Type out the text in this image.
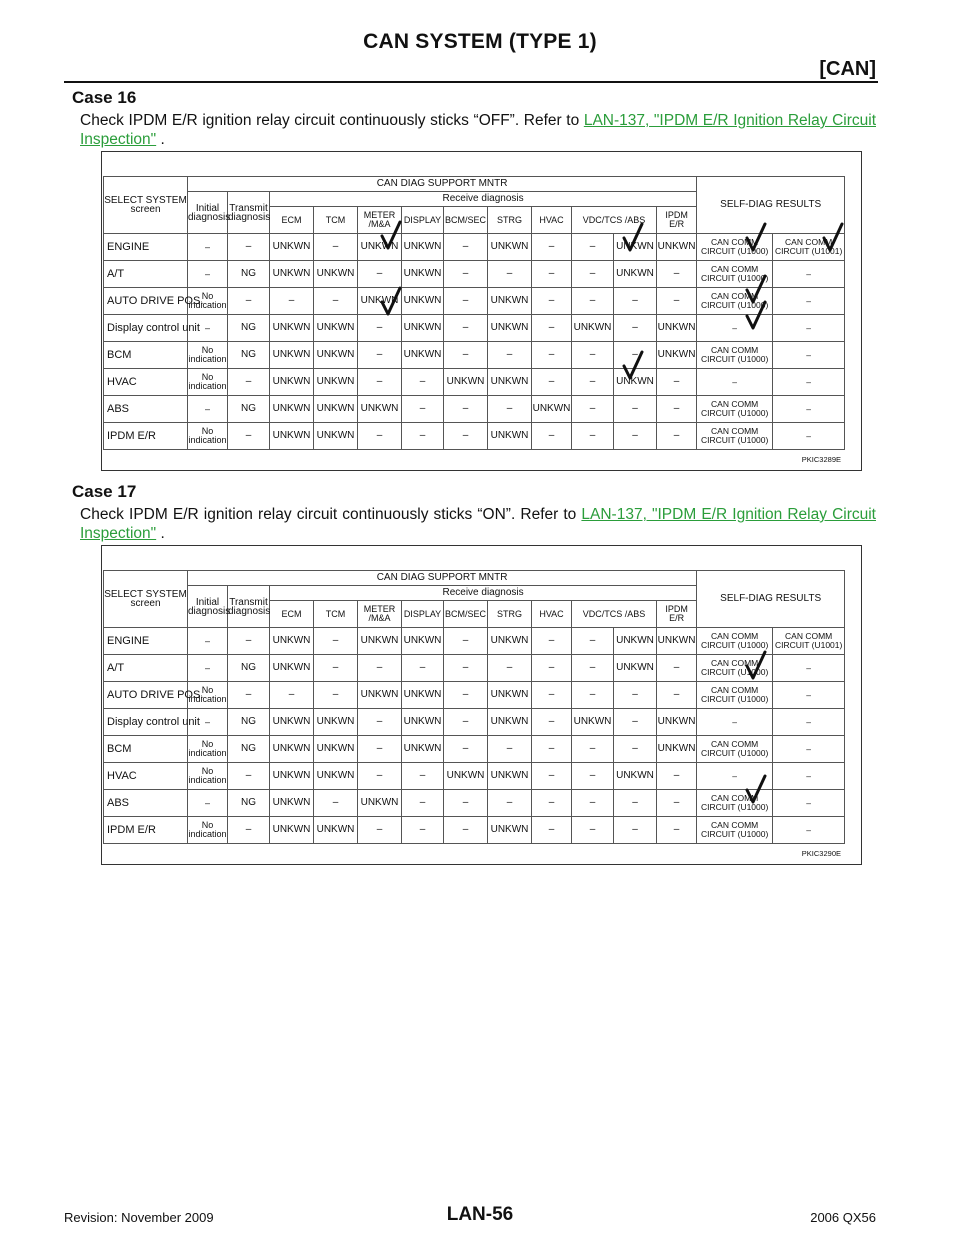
CAN SYSTEM (TYPE 1)
[CAN]
Case 16
Check IPDM E/R ignition relay circuit continuously sticks “OFF”. Refer to LAN-137, "IPDM E/R Ignition Relay Circuit Inspection" .
SELECT SYSTEM screen	CAN DIAG SUPPORT MNTR												SELF-DIAG RESULTS	
	Initial diagnosis	Transmit diagnosis	Receive diagnosis											
			ECM	TCM	METER /M&A	DISPLAY	BCM/SEC	STRG	HVAC	VDC/TCS /ABS		IPDM E/R		
ENGINE	–	–	UNKWN	–	UNKWN	UNKWN	–	UNKWN	–	–	UNKWN	UNKWN	CAN COMM CIRCUIT (U1000)	CAN COMM CIRCUIT (U1001)
A/T	–	NG	UNKWN	UNKWN	–	UNKWN	–	–	–	–	UNKWN	–	CAN COMM CIRCUIT (U1000)	–
AUTO DRIVE POS.	No indication	–	–	–	UNKWN	UNKWN	–	UNKWN	–	–	–	–	CAN COMM CIRCUIT (U1000)	–
Display control unit	–	NG	UNKWN	UNKWN	–	UNKWN	–	UNKWN	–	UNKWN	–	UNKWN	–	–
BCM	No indication	NG	UNKWN	UNKWN	–	UNKWN	–	–	–	–	–	UNKWN	CAN COMM CIRCUIT (U1000)	–
HVAC	No indication	–	UNKWN	UNKWN	–	–	UNKWN	UNKWN	–	–	UNKWN	–	–	–
ABS	–	NG	UNKWN	UNKWN	UNKWN	–	–	–	UNKWN	–	–	–	CAN COMM CIRCUIT (U1000)	–
IPDM E/R	No indication	–	UNKWN	UNKWN	–	–	–	UNKWN	–	–	–	–	CAN COMM CIRCUIT (U1000)	–
PKIC3289E
Case 17
Check IPDM E/R ignition relay circuit continuously sticks “ON”. Refer to LAN-137, "IPDM E/R Ignition Relay Circuit Inspection" .
SELECT SYSTEM screen	CAN DIAG SUPPORT MNTR												SELF-DIAG RESULTS	
	Initial diagnosis	Transmit diagnosis	Receive diagnosis											
			ECM	TCM	METER /M&A	DISPLAY	BCM/SEC	STRG	HVAC	VDC/TCS /ABS		IPDM E/R		
ENGINE	–	–	UNKWN	–	UNKWN	UNKWN	–	UNKWN	–	–	UNKWN	UNKWN	CAN COMM CIRCUIT (U1000)	CAN COMM CIRCUIT (U1001)
A/T	–	NG	UNKWN	–	–	–	–	–	–	–	UNKWN	–	CAN COMM CIRCUIT (U1000)	–
AUTO DRIVE POS.	No indication	–	–	–	UNKWN	UNKWN	–	UNKWN	–	–	–	–	CAN COMM CIRCUIT (U1000)	–
Display control unit	–	NG	UNKWN	UNKWN	–	UNKWN	–	UNKWN	–	UNKWN	–	UNKWN	–	–
BCM	No indication	NG	UNKWN	UNKWN	–	UNKWN	–	–	–	–	–	UNKWN	CAN COMM CIRCUIT (U1000)	–
HVAC	No indication	–	UNKWN	UNKWN	–	–	UNKWN	UNKWN	–	–	UNKWN	–	–	–
ABS	–	NG	UNKWN	–	UNKWN	–	–	–	–	–	–	–	CAN COMM CIRCUIT (U1000)	–
IPDM E/R	No indication	–	UNKWN	UNKWN	–	–	–	UNKWN	–	–	–	–	CAN COMM CIRCUIT (U1000)	–
PKIC3290E
Revision: November 2009	LAN-56	2006 QX56
